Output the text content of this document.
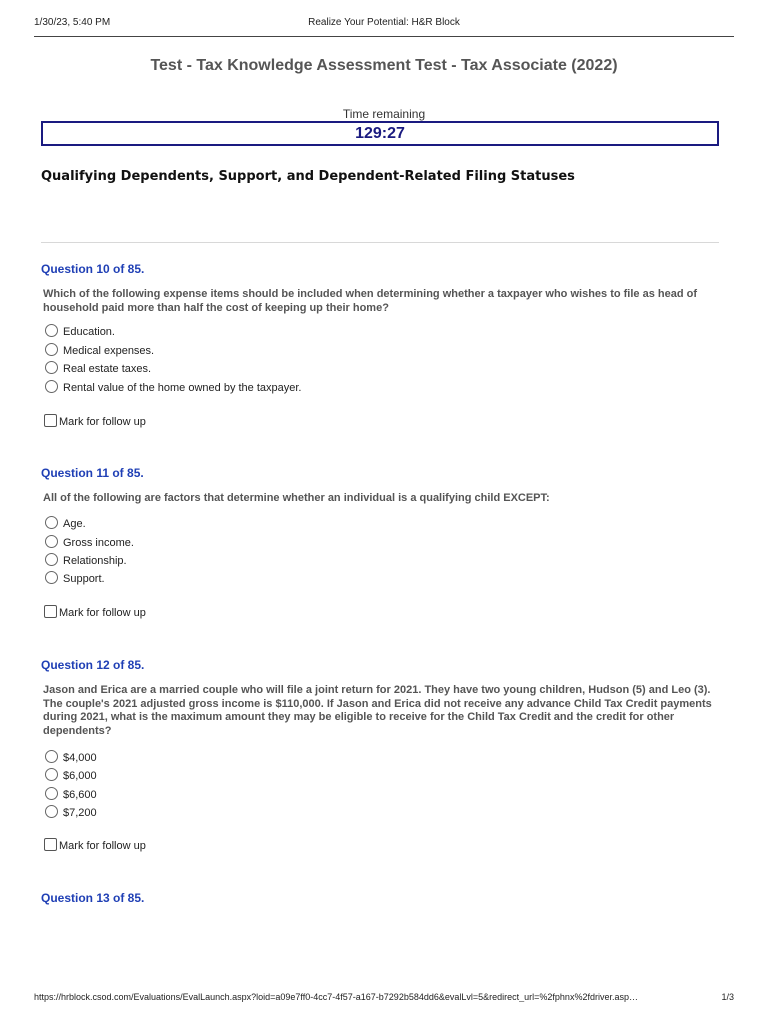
1/30/23, 5:40 PM	Realize Your Potential: H&R Block
Test - Tax Knowledge Assessment Test - Tax Associate (2022)
Time remaining
129:27
Qualifying Dependents, Support, and Dependent-Related Filing Statuses
Question 10 of 85.
Which of the following expense items should be included when determining whether a taxpayer who wishes to file as head of household paid more than half the cost of keeping up their home?
Education.
Medical expenses.
Real estate taxes.
Rental value of the home owned by the taxpayer.
Mark for follow up
Question 11 of 85.
All of the following are factors that determine whether an individual is a qualifying child EXCEPT:
Age.
Gross income.
Relationship.
Support.
Mark for follow up
Question 12 of 85.
Jason and Erica are a married couple who will file a joint return for 2021. They have two young children, Hudson (5) and Leo (3). The couple's 2021 adjusted gross income is $110,000. If Jason and Erica did not receive any advance Child Tax Credit payments during 2021, what is the maximum amount they may be eligible to receive for the Child Tax Credit and the credit for other dependents?
$4,000
$6,000
$6,600
$7,200
Mark for follow up
Question 13 of 85.
https://hrblock.csod.com/Evaluations/EvalLaunch.aspx?loid=a09e7ff0-4cc7-4f57-a167-b7292b584dd6&evalLvl=5&redirect_url=%2fphnx%2fdriver.asp…	1/3
